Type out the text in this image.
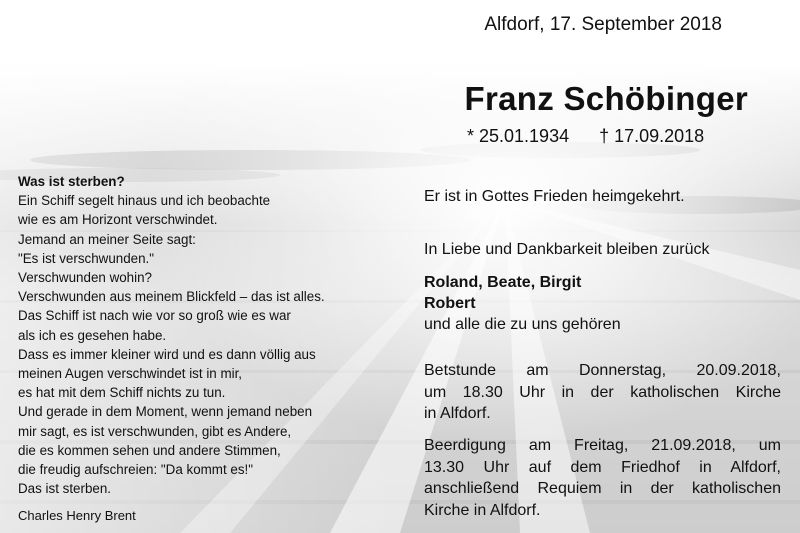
Alfdorf, 17. September 2018
Franz Schöbinger
* 25.01.1934 † 17.09.2018
Was ist sterben?
Ein Schiff segelt hinaus und ich beobachte
wie es am Horizont verschwindet.
Jemand an meiner Seite sagt:
"Es ist verschwunden."
Verschwunden wohin?
Verschwunden aus meinem Blickfeld – das ist alles.
Das Schiff ist nach wie vor so groß wie es war
als ich es gesehen habe.
Dass es immer kleiner wird und es dann völlig aus
meinen Augen verschwindet ist in mir,
es hat mit dem Schiff nichts zu tun.
Und gerade in dem Moment, wenn jemand neben
mir sagt, es ist verschwunden, gibt es Andere,
die es kommen sehen und andere Stimmen,
die freudig aufschreien: "Da kommt es!"
Das ist sterben.
Charles Henry Brent
Er ist in Gottes Frieden heimgekehrt.
In Liebe und Dankbarkeit bleiben zurück
Roland, Beate, Birgit
Robert
und alle die zu uns gehören
Betstunde am Donnerstag, 20.09.2018,
um 18.30 Uhr in der katholischen Kirche
in Alfdorf.
Beerdigung am Freitag, 21.09.2018, um
13.30 Uhr auf dem Friedhof in Alfdorf,
anschließend Requiem in der katholischen
Kirche in Alfdorf.
